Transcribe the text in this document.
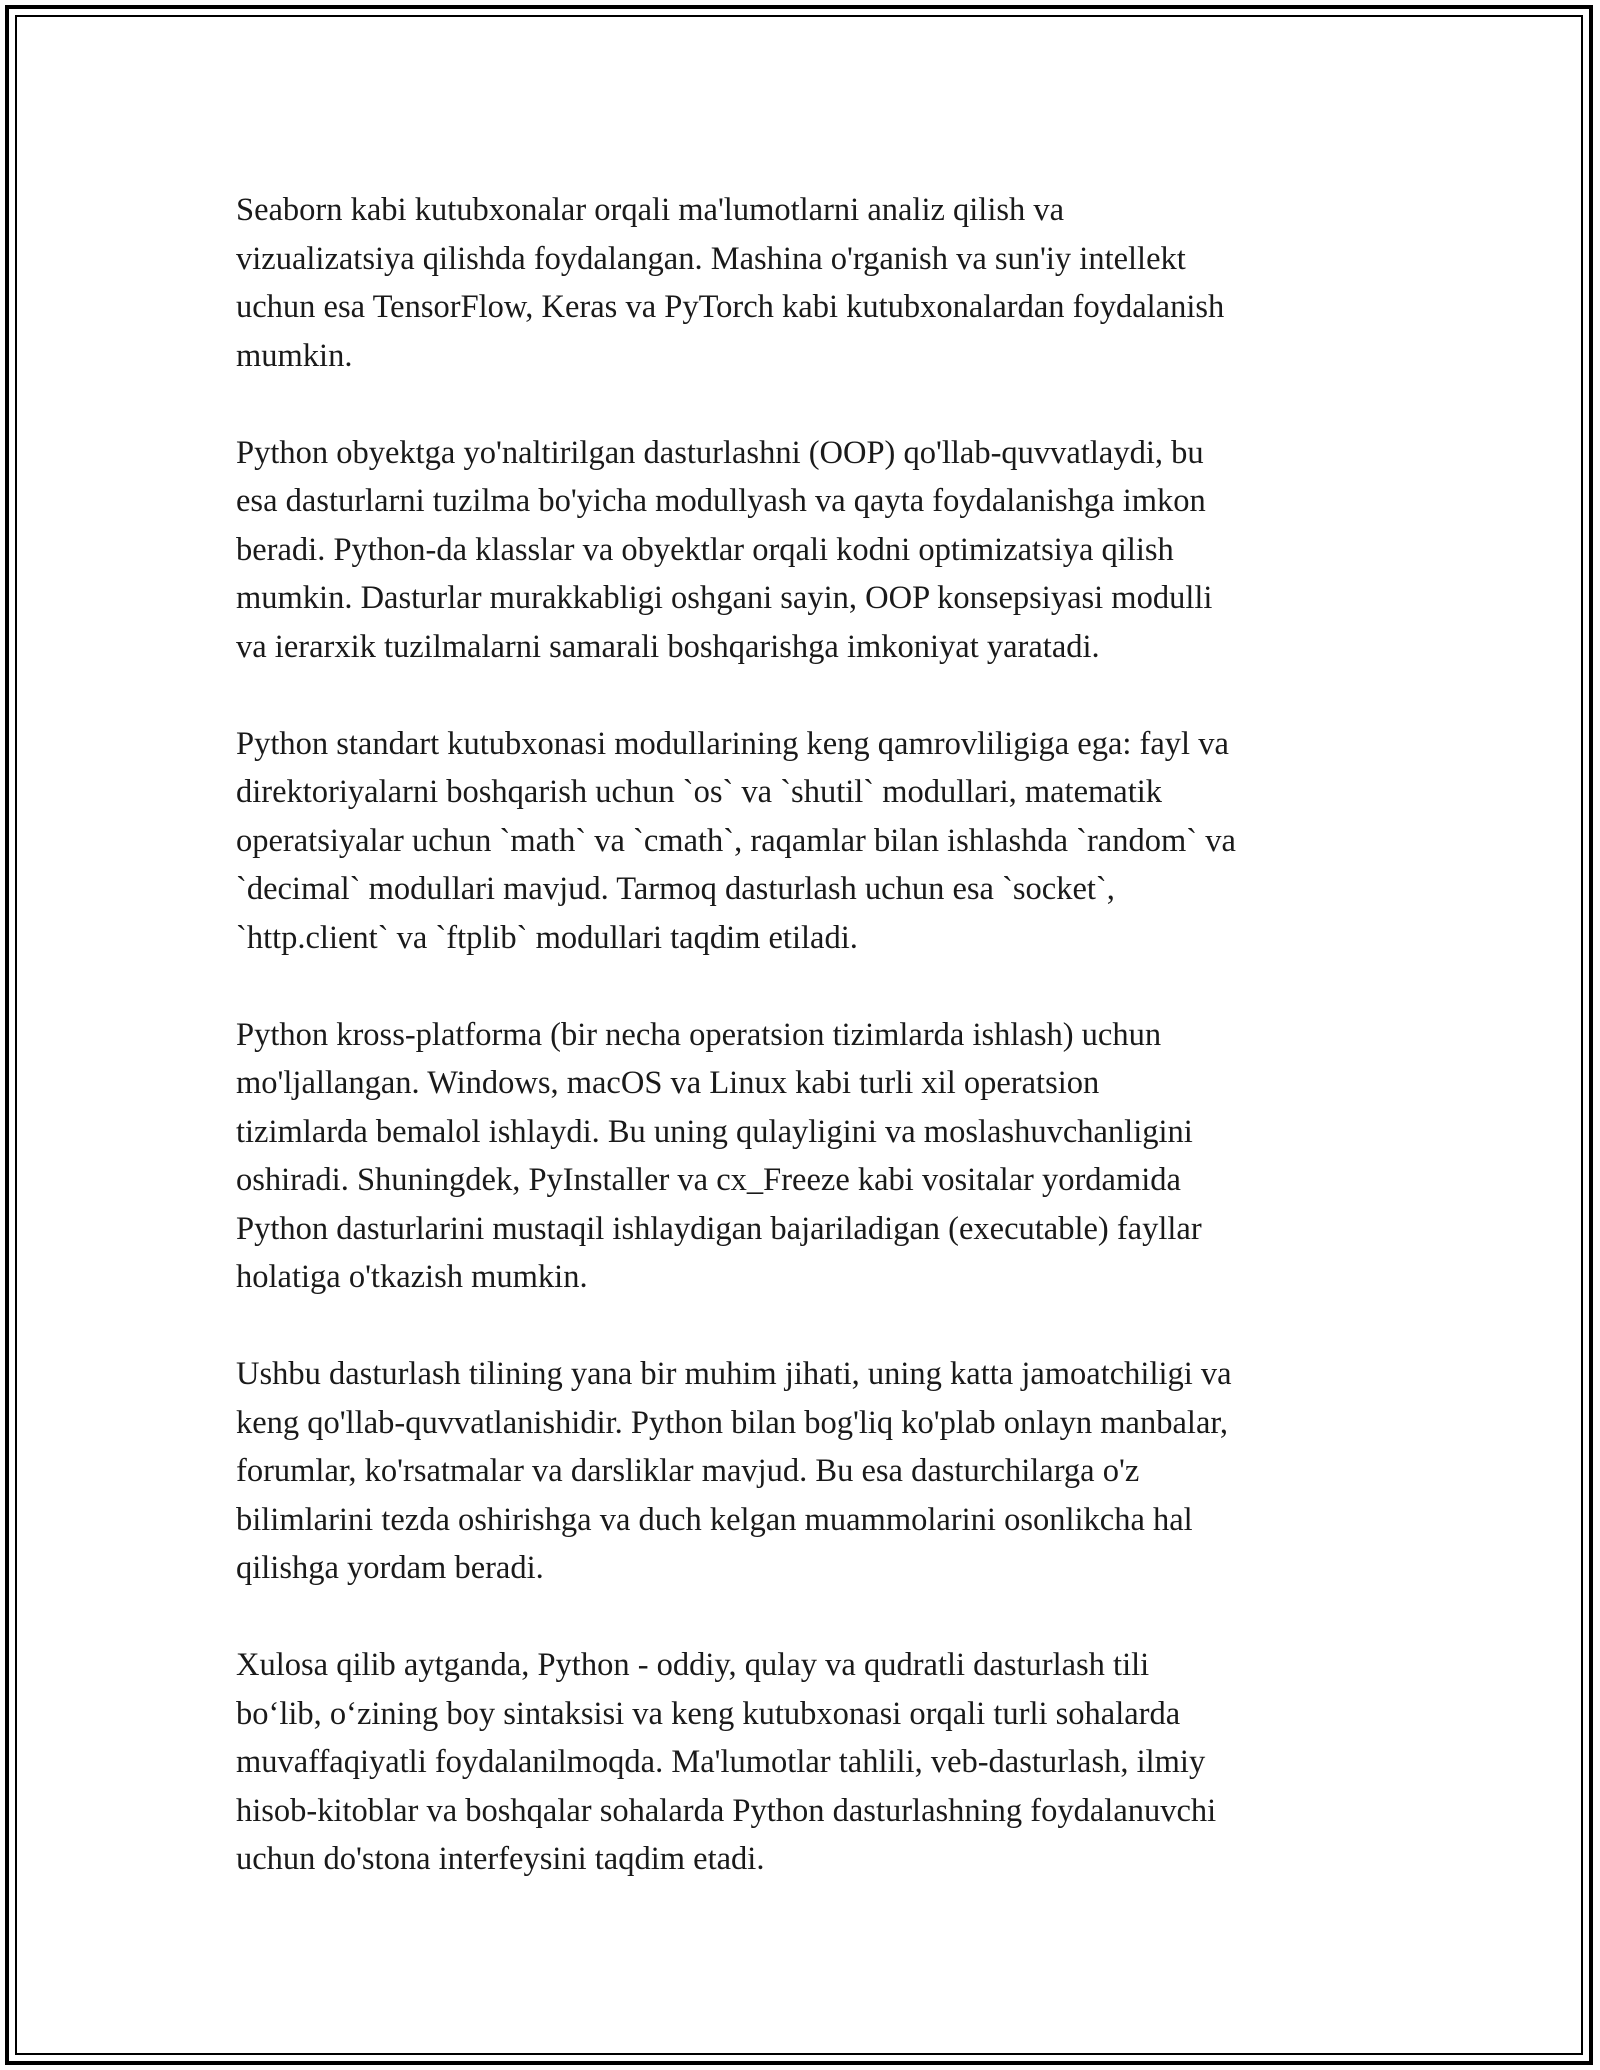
Seaborn kabi kutubxonalar orqali ma'lumotlarni analiz qilish va
vizualizatsiya qilishda foydalangan. Mashina o'rganish va sun'iy intellekt
uchun esa TensorFlow, Keras va PyTorch kabi kutubxonalardan foydalanish
mumkin.

Python obyektga yo'naltirilgan dasturlashni (OOP) qo'llab-quvvatlaydi, bu
esa dasturlarni tuzilma bo'yicha modullyash va qayta foydalanishga imkon
beradi. Python-da klasslar va obyektlar orqali kodni optimizatsiya qilish
mumkin. Dasturlar murakkabligi oshgani sayin, OOP konsepsiyasi modulli
va ierarxik tuzilmalarni samarali boshqarishga imkoniyat yaratadi.

Python standart kutubxonasi modullarining keng qamrovliligiga ega: fayl va
direktoriyalarni boshqarish uchun `os` va `shutil` modullari, matematik
operatsiyalar uchun `math` va `cmath`, raqamlar bilan ishlashda `random` va
`decimal` modullari mavjud. Tarmoq dasturlash uchun esa `socket`,
`http.client` va `ftplib` modullari taqdim etiladi.

Python kross-platforma (bir necha operatsion tizimlarda ishlash) uchun
mo'ljallangan. Windows, macOS va Linux kabi turli xil operatsion
tizimlarda bemalol ishlaydi. Bu uning qulayligini va moslashuvchanligini
oshiradi. Shuningdek, PyInstaller va cx_Freeze kabi vositalar yordamida
Python dasturlarini mustaqil ishlaydigan bajariladigan (executable) fayllar
holatiga o'tkazish mumkin.

Ushbu dasturlash tilining yana bir muhim jihati, uning katta jamoatchiligi va
keng qo'llab-quvvatlanishidir. Python bilan bog'liq ko'plab onlayn manbalar,
forumlar, ko'rsatmalar va darsliklar mavjud. Bu esa dasturchilarga o'z
bilimlarini tezda oshirishga va duch kelgan muammolarini osonlikcha hal
qilishga yordam beradi.

Xulosa qilib aytganda, Python - oddiy, qulay va qudratli dasturlash tili
bo‘lib, o‘zining boy sintaksisi va keng kutubxonasi orqali turli sohalarda
muvaffaqiyatli foydalanilmoqda. Ma'lumotlar tahlili, veb-dasturlash, ilmiy
hisob-kitoblar va boshqalar sohalarda Python dasturlashning foydalanuvchi
uchun do'stona interfeysini taqdim etadi.
